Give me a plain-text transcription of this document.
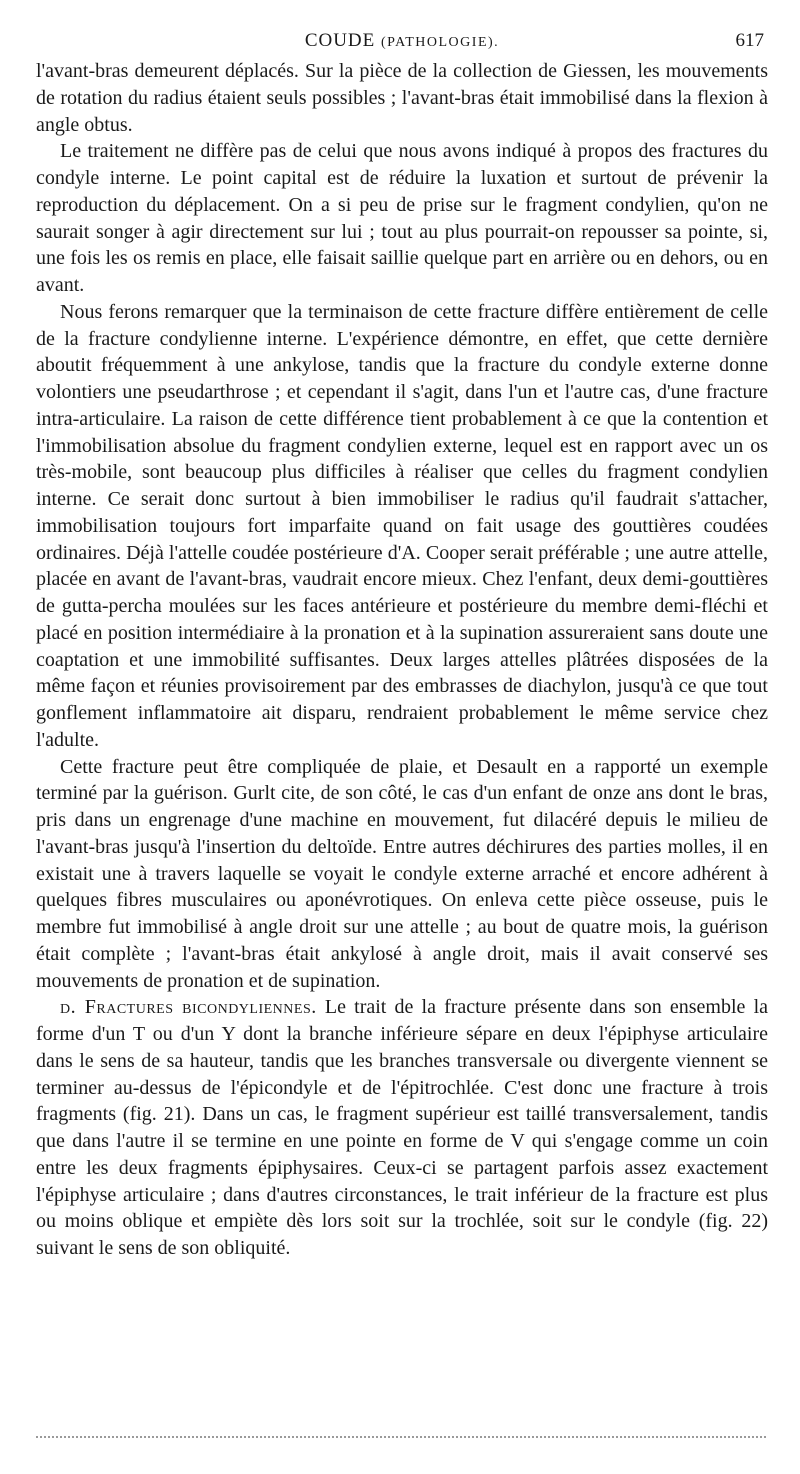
COUDE (PATHOLOGIE).	617

l'avant-bras demeurent déplacés. Sur la pièce de la collection de Giessen, les mouvements de rotation du radius étaient seuls possibles ; l'avant-bras était immobilisé dans la flexion à angle obtus.

Le traitement ne diffère pas de celui que nous avons indiqué à propos des fractures du condyle interne. Le point capital est de réduire la luxation et surtout de prévenir la reproduction du déplacement. On a si peu de prise sur le fragment condylien, qu'on ne saurait songer à agir directement sur lui ; tout au plus pourrait-on repousser sa pointe, si, une fois les os remis en place, elle faisait saillie quelque part en arrière ou en dehors, ou en avant.

Nous ferons remarquer que la terminaison de cette fracture diffère entièrement de celle de la fracture condylienne interne. L'expérience démontre, en effet, que cette dernière aboutit fréquemment à une ankylose, tandis que la fracture du condyle externe donne volontiers une pseudarthrose ; et cependant il s'agit, dans l'un et l'autre cas, d'une fracture intra-articulaire. La raison de cette différence tient probablement à ce que la contention et l'immobilisation absolue du fragment condylien externe, lequel est en rapport avec un os très-mobile, sont beaucoup plus difficiles à réaliser que celles du fragment condylien interne. Ce serait donc surtout à bien immobiliser le radius qu'il faudrait s'attacher, immobilisation toujours fort imparfaite quand on fait usage des gouttières coudées ordinaires. Déjà l'attelle coudée postérieure d'A. Cooper serait préférable ; une autre attelle, placée en avant de l'avant-bras, vaudrait encore mieux. Chez l'enfant, deux demi-gouttières de gutta-percha moulées sur les faces antérieure et postérieure du membre demi-fléchi et placé en position intermédiaire à la pronation et à la supination assureraient sans doute une coaptation et une immobilité suffisantes. Deux larges attelles plâtrées disposées de la même façon et réunies provisoirement par des embrasses de diachylon, jusqu'à ce que tout gonflement inflammatoire ait disparu, rendraient probablement le même service chez l'adulte.

Cette fracture peut être compliquée de plaie, et Desault en a rapporté un exemple terminé par la guérison. Gurlt cite, de son côté, le cas d'un enfant de onze ans dont le bras, pris dans un engrenage d'une machine en mouvement, fut dilacéré depuis le milieu de l'avant-bras jusqu'à l'insertion du deltoïde. Entre autres déchirures des parties molles, il en existait une à travers laquelle se voyait le condyle externe arraché et encore adhérent à quelques fibres musculaires ou aponévrotiques. On enleva cette pièce osseuse, puis le membre fut immobilisé à angle droit sur une attelle ; au bout de quatre mois, la guérison était complète ; l'avant-bras était ankylosé à angle droit, mais il avait conservé ses mouvements de pronation et de supination.

d. Fractures bicondyliennes. Le trait de la fracture présente dans son ensemble la forme d'un T ou d'un Y dont la branche inférieure sépare en deux l'épiphyse articulaire dans le sens de sa hauteur, tandis que les branches transversale ou divergente viennent se terminer au-dessus de l'épicondyle et de l'épitrochlée. C'est donc une fracture à trois fragments (fig. 21). Dans un cas, le fragment supérieur est taillé transversalement, tandis que dans l'autre il se termine en une pointe en forme de V qui s'engage comme un coin entre les deux fragments épiphysaires. Ceux-ci se partagent parfois assez exactement l'épiphyse articulaire ; dans d'autres circonstances, le trait inférieur de la fracture est plus ou moins oblique et empiète dès lors soit sur la trochlée, soit sur le condyle (fig. 22) suivant le sens de son obliquité.
